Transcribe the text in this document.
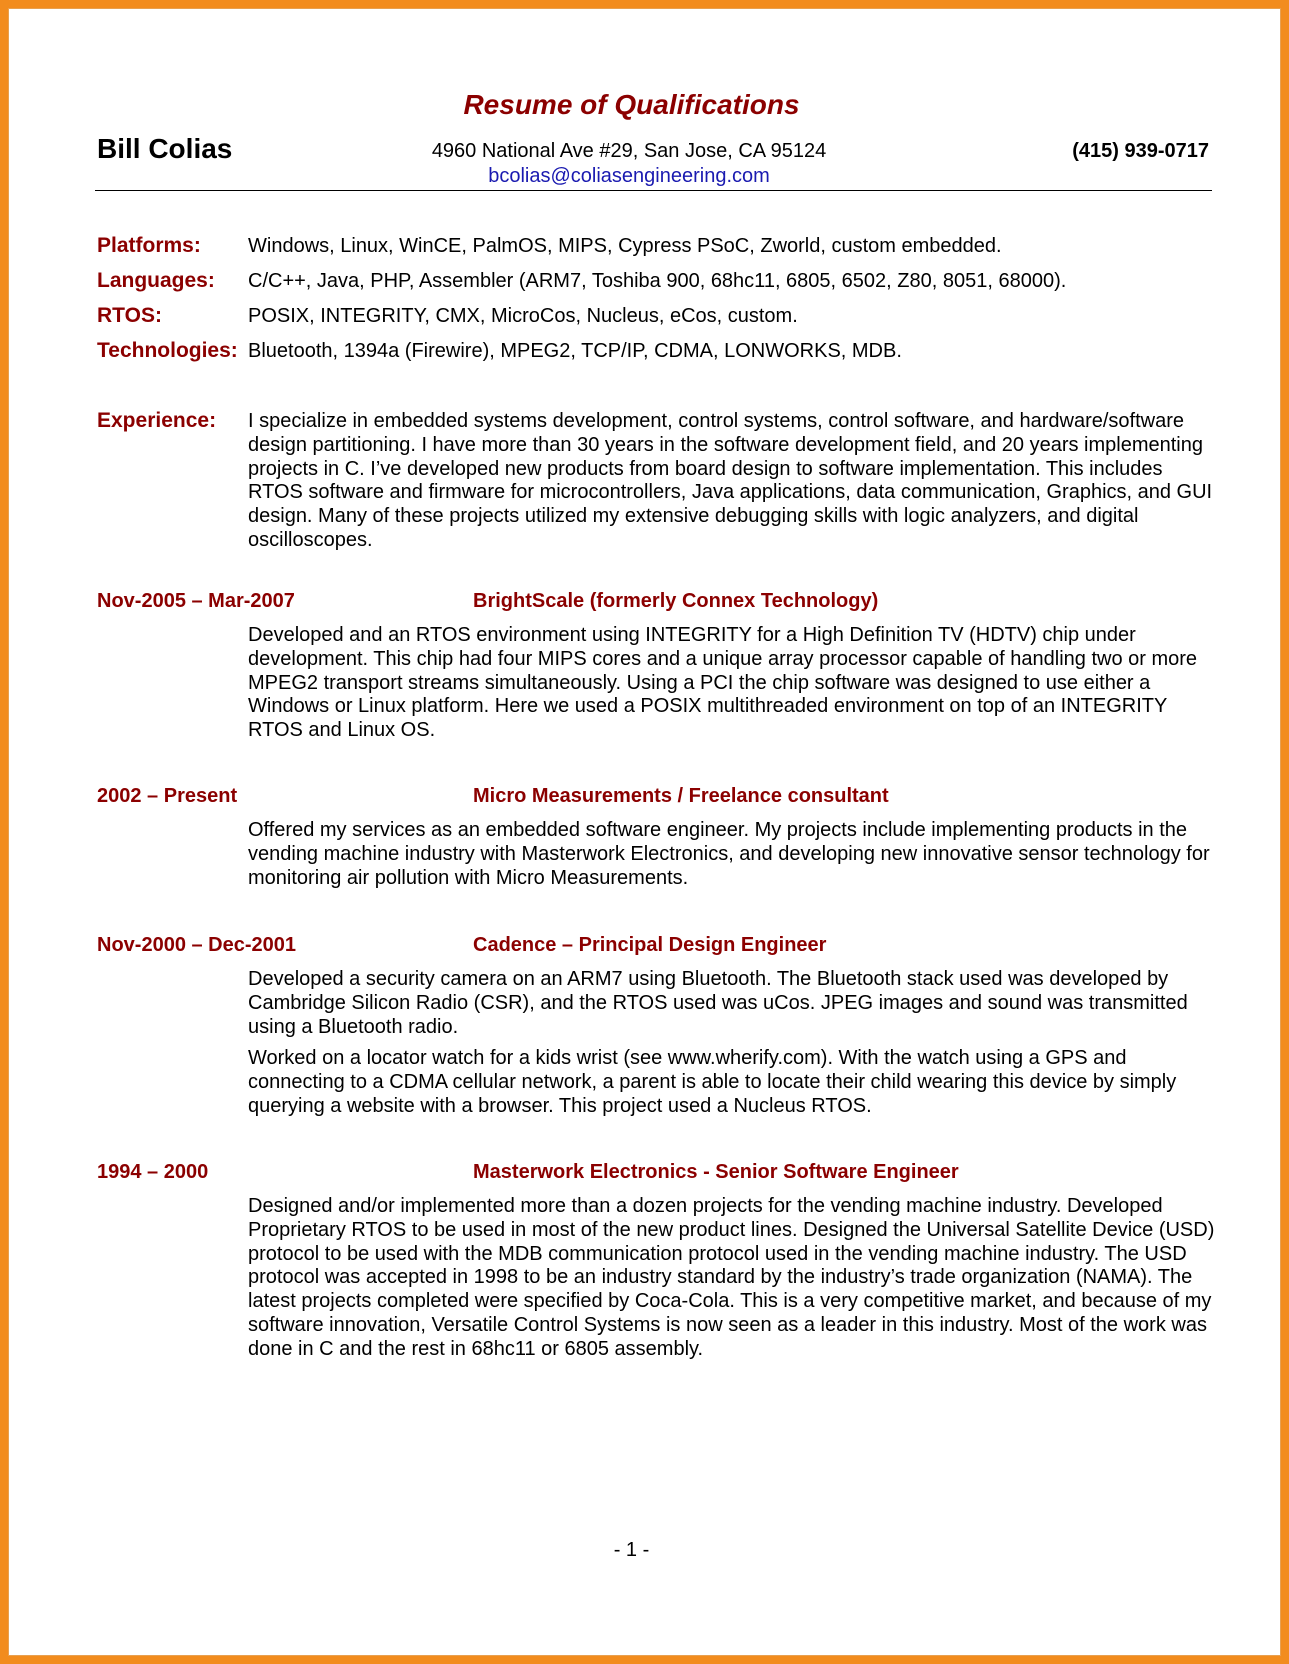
Resume of Qualifications
Bill Colias	4960 National Ave #29, San Jose, CA 95124
bcolias@coliasengineering.com
(415) 939-0717
Platforms: Windows, Linux, WinCE, PalmOS, MIPS, Cypress PSoC, Zworld, custom embedded.
Languages: C/C++, Java, PHP, Assembler (ARM7, Toshiba 900, 68hc11, 6805, 6502, Z80, 8051, 68000).
RTOS:	POSIX, INTEGRITY, CMX, MicroCos, Nucleus, eCos, custom.
Technologies: Bluetooth, 1394a (Firewire), MPEG2, TCP/IP, CDMA, LONWORKS, MDB.
Experience: I specialize in embedded systems development, control systems, control software, and hardware/software design partitioning. I have more than 30 years in the software development field, and 20 years implementing projects in C. I’ve developed new products from board design to software implementation. This includes RTOS software and firmware for microcontrollers, Java applications, data communication, Graphics, and GUI design. Many of these projects utilized my extensive debugging skills with logic analyzers, and digital oscilloscopes.
Nov-2005 – Mar-2007	BrightScale (formerly Connex Technology)
Developed and an RTOS environment using INTEGRITY for a High Definition TV (HDTV) chip under development. This chip had four MIPS cores and a unique array processor capable of handling two or more MPEG2 transport streams simultaneously. Using a PCI the chip software was designed to use either a Windows or Linux platform. Here we used a POSIX multithreaded environment on top of an INTEGRITY RTOS and Linux OS.
2002 – Present	Micro Measurements / Freelance consultant
Offered my services as an embedded software engineer. My projects include implementing products in the vending machine industry with Masterwork Electronics, and developing new innovative sensor technology for monitoring air pollution with Micro Measurements.
Nov-2000 – Dec-2001	Cadence – Principal Design Engineer
Developed a security camera on an ARM7 using Bluetooth. The Bluetooth stack used was developed by Cambridge Silicon Radio (CSR), and the RTOS used was uCos. JPEG images and sound was transmitted using a Bluetooth radio.
Worked on a locator watch for a kids wrist (see www.wherify.com). With the watch using a GPS and connecting to a CDMA cellular network, a parent is able to locate their child wearing this device by simply querying a website with a browser. This project used a Nucleus RTOS.
1994 – 2000	Masterwork Electronics - Senior Software Engineer
Designed and/or implemented more than a dozen projects for the vending machine industry. Developed Proprietary RTOS to be used in most of the new product lines. Designed the Universal Satellite Device (USD) protocol to be used with the MDB communication protocol used in the vending machine industry. The USD protocol was accepted in 1998 to be an industry standard by the industry’s trade organization (NAMA). The latest projects completed were specified by Coca-Cola. This is a very competitive market, and because of my software innovation, Versatile Control Systems is now seen as a leader in this industry. Most of the work was done in C and the rest in 68hc11 or 6805 assembly.
- 1 -
